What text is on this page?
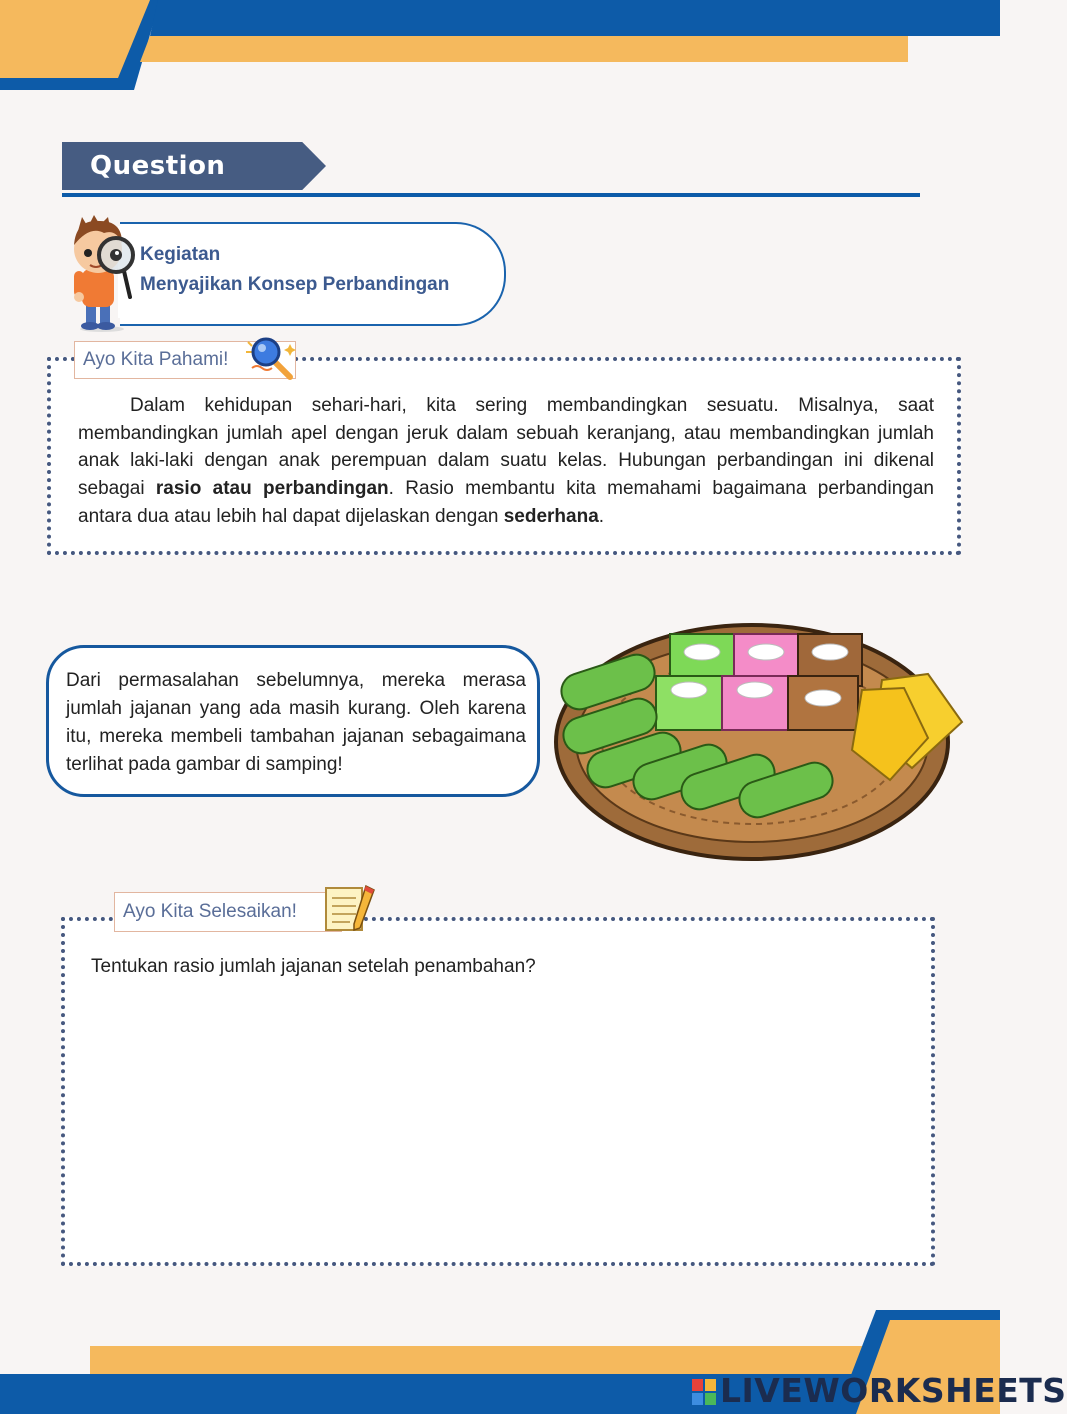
Question
Kegiatan
Menyajikan Konsep Perbandingan
Ayo Kita Pahami!
Dalam kehidupan sehari-hari, kita sering membandingkan sesuatu. Misalnya, saat membandingkan jumlah apel dengan jeruk dalam sebuah keranjang, atau membandingkan jumlah anak laki-laki dengan anak perempuan dalam suatu kelas. Hubungan perbandingan ini dikenal sebagai rasio atau perbandingan. Rasio membantu kita memahami bagaimana perbandingan antara dua atau lebih hal dapat dijelaskan dengan sederhana.
Dari permasalahan sebelumnya, mereka merasa jumlah jajanan yang ada masih kurang. Oleh karena itu, mereka membeli tambahan jajanan sebagaimana terlihat pada gambar di samping!
Ayo Kita Selesaikan!
Tentukan rasio jumlah jajanan setelah penambahan?
LIVEWORKSHEETS
